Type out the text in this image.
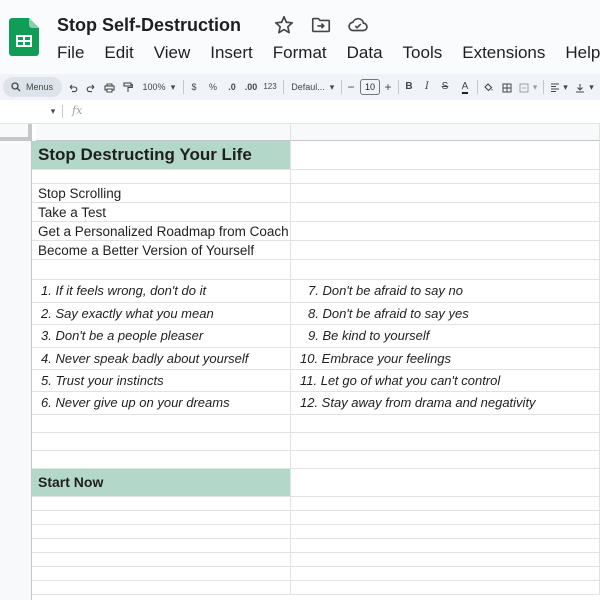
Stop Self-Destruction
File	Edit	View	Insert	Format	Data	Tools	Extensions	Help
Menus	100% ▾	$	%	.0 .00 123	Defaul... ▾ −	10 + B	I	S	A	▾	▾ ▾
▾ fx
Stop Destructing Your Life
Stop Scrolling
Take a Test
Get a Personalized Roadmap from Coach
Become a Better Version of Yourself
1. If it feels wrong, don't do it	7. Don't be afraid to say no
2. Say exactly what you mean	8. Don't be afraid to say yes
3. Don't be a people pleaser	9. Be kind to yourself
4. Never speak badly about yourself	10. Embrace your feelings
5. Trust your instincts	11. Let go of what you can't control
6. Never give up on your dreams	12. Stay away from drama and negativity
Start Now
